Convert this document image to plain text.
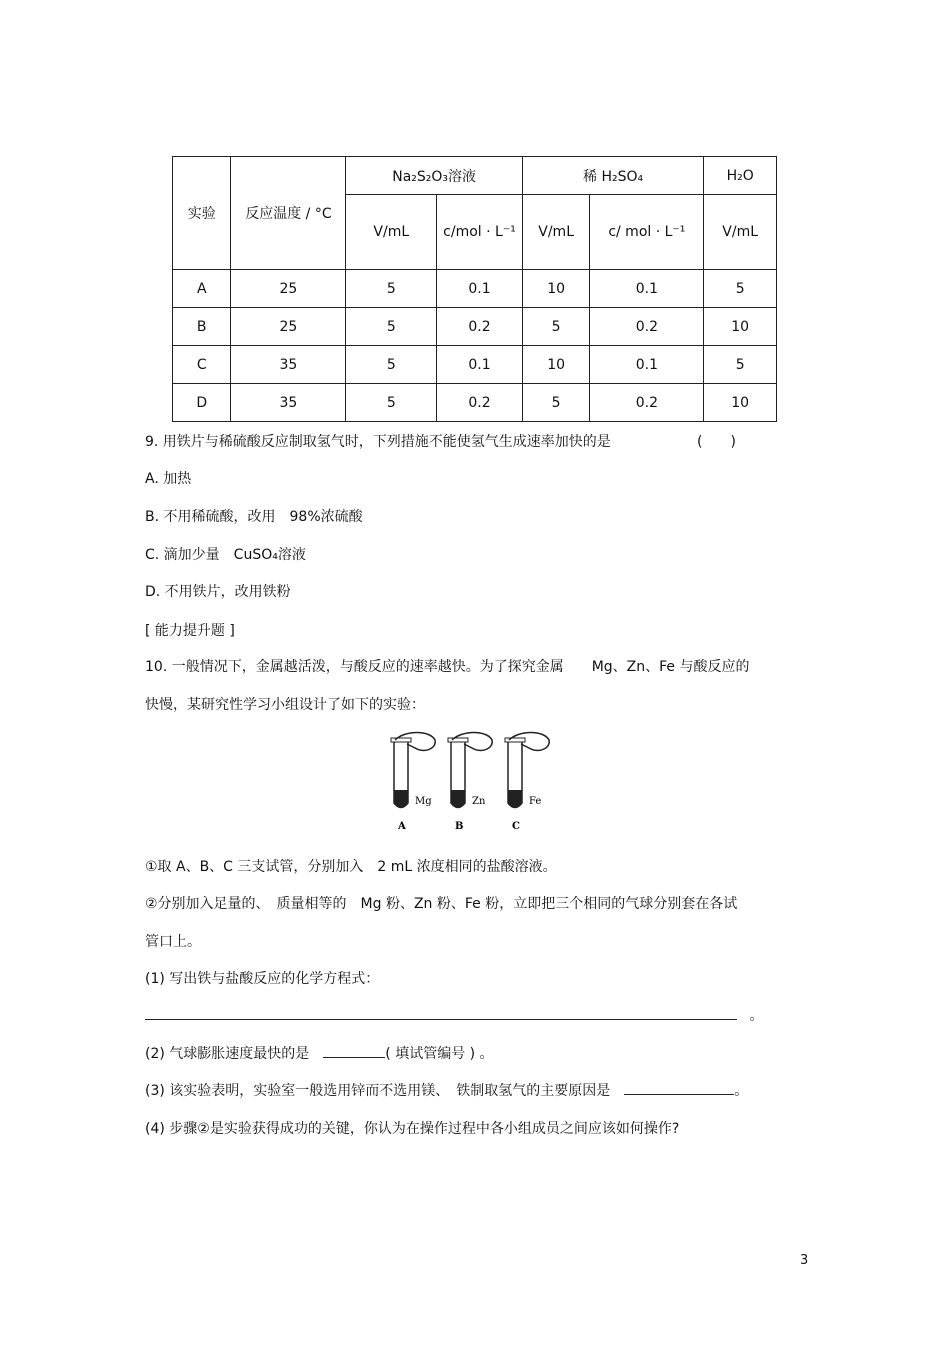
实验	反应温度 / °C	Na₂S₂O₃溶液		稀 H₂SO₄		H₂O
		V/mL	c/mol · L⁻¹	V/mL	c/ mol · L⁻¹	V/mL
A	25	5	0.1	10	0.1	5
B	25	5	0.2	5	0.2	10
C	35	5	0.1	10	0.1	5
D	35	5	0.2	5	0.2	10
9. 用铁片与稀硫酸反应制取氢气时，下列措施不能使氢气生成速率加快的是	(　　)
A. 加热
B. 不用稀硫酸，改用　98%浓硫酸
C. 滴加少量　CuSO₄溶液
D. 不用铁片，改用铁粉
[ 能力提升题 ]
10. 一般情况下，金属越活泼，与酸反应的速率越快。为了探究金属　　Mg、Zn、Fe 与酸反应的
快慢，某研究性学习小组设计了如下的实验：
Mg
A
Zn
B
Fe
C
①取 A、B、C 三支试管，分别加入　2 mL 浓度相同的盐酸溶液。
②分别加入足量的、　质量相等的　Mg 粉、Zn 粉、Fe 粉，立即把三个相同的气球分别套在各试
管口上。
(1) 写出铁与盐酸反应的化学方程式：
。
(2) 气球膨胀速度最快的是　	( 填试管编号 ) 。
(3) 该实验表明，实验室一般选用锌而不选用镁、　铁制取氢气的主要原因是　	。
(4) 步骤②是实验获得成功的关键，你认为在操作过程中各小组成员之间应该如何操作?
3
